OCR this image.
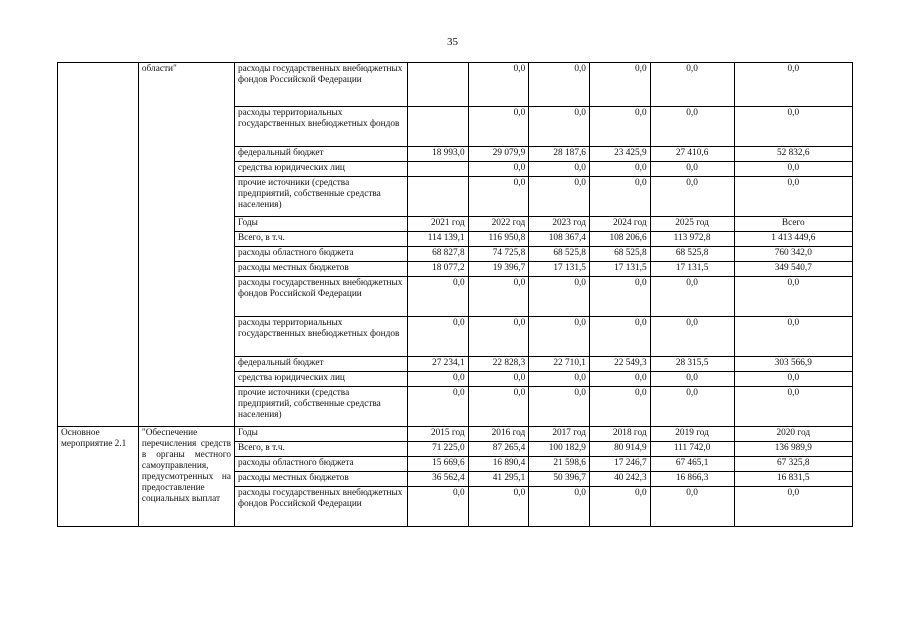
35
	области"	расходы государственных внебюджетных фондов Российской Федерации		0,0	0,0	0,0	0,0	0,0
		расходы территориальных государственных внебюджетных фондов		0,0	0,0	0,0	0,0	0,0
		федеральный бюджет	18 993,0	29 079,9	28 187,6	23 425,9	27 410,6	52 832,6
		средства юридических лиц		0,0	0,0	0,0	0,0	0,0
		прочие источники (средства предприятий, собственные средства населения)		0,0	0,0	0,0	0,0	0,0
		Годы	2021 год	2022 год	2023 год	2024 год	2025 год	Всего
		Всего, в т.ч.	114 139,1	116 950,8	108 367,4	108 206,6	113 972,8	1 413 449,6
		расходы областного бюджета	68 827,8	74 725,8	68 525,8	68 525,8	68 525,8	760 342,0
		расходы местных бюджетов	18 077,2	19 396,7	17 131,5	17 131,5	17 131,5	349 540,7
		расходы государственных внебюджетных фондов Российской Федерации	0,0	0,0	0,0	0,0	0,0	0,0
		расходы территориальных государственных внебюджетных фондов	0,0	0,0	0,0	0,0	0,0	0,0
		федеральный бюджет	27 234,1	22 828,3	22 710,1	22 549,3	28 315,5	303 566,9
		средства юридических лиц	0,0	0,0	0,0	0,0	0,0	0,0
		прочие источники (средства предприятий, собственные средства населения)	0,0	0,0	0,0	0,0	0,0	0,0
Основное мероприятие 2.1	"Обеспечение перечисления средств в органы местного самоуправления, предусмотренных на предоставление социальных выплат	Годы	2015 год	2016 год	2017 год	2018 год	2019 год	2020 год
		Всего, в т.ч.	71 225,0	87 265,4	100 182,9	80 914,9	111 742,0	136 989,9
		расходы областного бюджета	15 669,6	16 890,4	21 598,6	17 246,7	67 465,1	67 325,8
		расходы местных бюджетов	36 562,4	41 295,1	50 396,7	40 242,3	16 866,3	16 831,5
		расходы государственных внебюджетных фондов Российской Федерации	0,0	0,0	0,0	0,0	0,0	0,0
